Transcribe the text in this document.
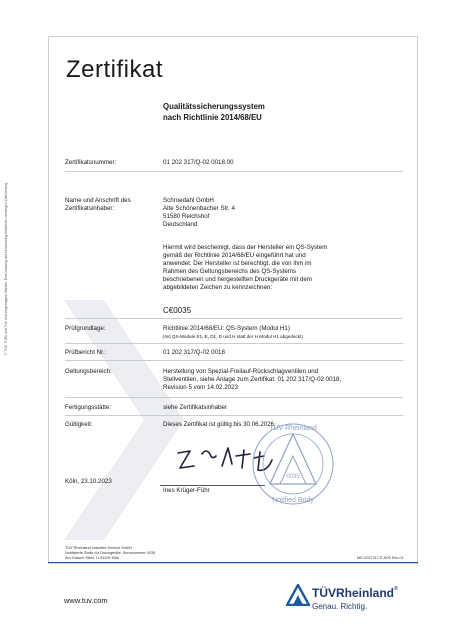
© TÜV, TUEV und TUV sind eingetragene Marken. Eine Nutzung und Verwendung bedarf der vorherigen Zustimmung.
Zertifikat
Qualitätssicherungssystem
nach Richtlinie 2014/68/EU
Zertifikatsnummer:	01 202 317/Q-02 0018.00
Name und Anschrift des
Zertifikatsinhaber:
Schroedahl GmbH
Alte Schönenbacher Str. 4
51580 Reichshof
Deutschland
Hiermit wird bescheinigt, dass der Hersteller ein QS-System
gemäß der Richtlinie 2014/68/EU eingeführt hat und
anwendet. Der Hersteller ist berechtigt, die von ihm im
Rahmen des Geltungsbereichs des QS-Systems
beschriebenen und hergestellten Druckgeräte mit dem
abgebildeten Zeichen zu kennzeichnen:
C€0035
Prüfgrundlage:	Richtlinie 2014/68/EU: QS-System (Modul H1)
(mit QS-Module E1, E, D1, D und H statt der H Modul H1 abgedeckt)
Prüfbericht Nr.:	01 202 317/Q-02 0018
Geltungsbereich:	Herstellung von Spezial-Freilauf-Rückschlagventilen und
Stellventilen, siehe Anlage zum Zertifikat: 01 202 317/Q-02 0018,
Revision 5 vom 14.02.2023
Fertigungsstätte:	siehe Zertifikatsinhaber
Gültigkeit:	Dieses Zertifikat ist gültig bis 30.06.2026.
TÜV Rheinland
0035
Notified Body
Köln, 23.10.2023
Ines Krüger-Führ
TÜV Rheinland Industrie Service GmbH
Notifizierte Stelle für Druckgeräte, Kennnummer 0035
Am Grauen Stein, D-51105 Köln	MD-0037317 E-D09 Rev.01
www.tuv.com
TÜVRheinland®
Genau. Richtig.
